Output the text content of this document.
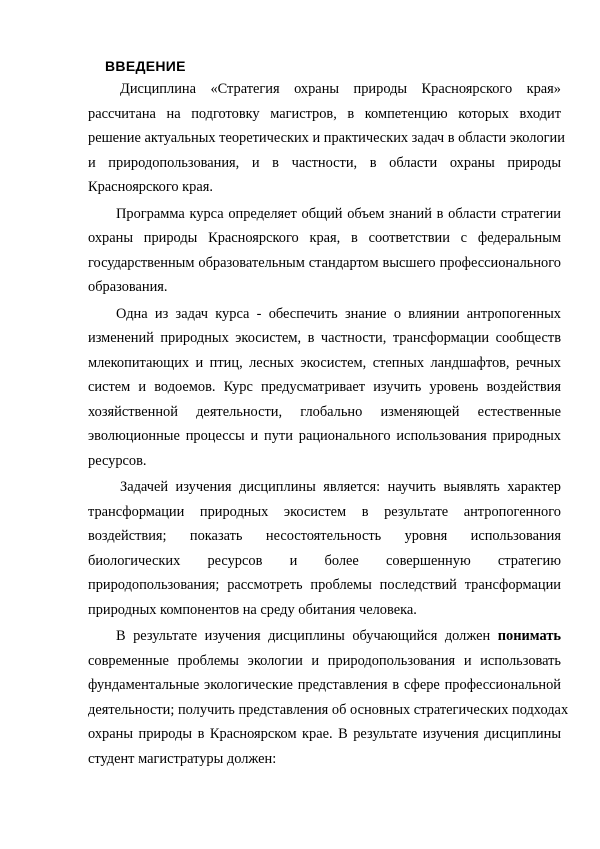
ВВЕДЕНИЕ
Дисциплина «Стратегия охраны природы Красноярского края»
рассчитана на подготовку магистров, в компетенцию которых входит
решение актуальных теоретических и практических задач в области экологии
и природопользования, и в частности, в области охраны природы
Красноярского края.
Программа курса определяет общий объем знаний в области стратегии
охраны природы Красноярского края, в соответствии с федеральным
государственным образовательным стандартом высшего профессионального
образования.
Одна из задач курса - обеспечить знание о влиянии антропогенных
изменений природных экосистем, в частности, трансформации сообществ
млекопитающих и птиц, лесных экосистем, степных ландшафтов, речных
систем и водоемов. Курс предусматривает изучить уровень воздействия
хозяйственной деятельности, глобально изменяющей естественные
эволюционные процессы и пути рационального использования природных
ресурсов.
Задачей изучения дисциплины является: научить выявлять характер
трансформации природных экосистем в результате антропогенного
воздействия; показать несостоятельность уровня использования
биологических ресурсов и более совершенную стратегию
природопользования; рассмотреть проблемы последствий трансформации
природных компонентов на среду обитания человека.
В результате изучения дисциплины обучающийся должен понимать
современные проблемы экологии и природопользования и использовать
фундаментальные экологические представления в сфере профессиональной
деятельности; получить представления об основных стратегических подходах
охраны природы в Красноярском крае. В результате изучения дисциплины
студент магистратуры должен:
